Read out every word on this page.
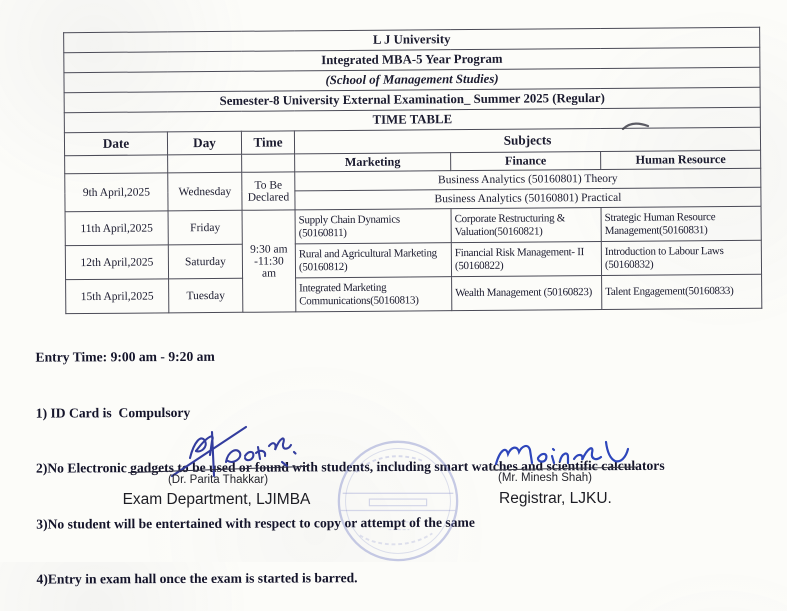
L J University					
Integrated MBA-5 Year Program					
(School of Management Studies)					
Semester-8 University External Examination_ Summer 2025 (Regular)					
TIME TABLE					
Date	Day	Time	Subjects		
			Marketing	Finance	Human Resource
9th April,2025	Wednesday	To Be Declared	Business Analytics (50160801) Theory		
			Business Analytics (50160801) Practical		
11th April,2025	Friday	9:30 am -11:30 am	Supply Chain Dynamics (50160811)	Corporate Restructuring & Valuation(50160821)	Strategic Human Resource Management(50160831)
12th April,2025	Saturday		Rural and Agricultural Marketing (50160812)	Financial Risk Management- II (50160822)	Introduction to Labour Laws (50160832)
15th April,2025	Tuesday		Integrated Marketing Communications(50160813)	Wealth Management (50160823)	Talent Engagement(50160833)

Entry Time: 9:00 am - 9:20 am

1) ID Card is  Compulsory

2)No Electronic gadgets to be used or found with students, including smart watches and scientific calculators

3)No student will be entertained with respect to copy or attempt of the same

4)Entry in exam hall once the exam is started is barred.

(Dr. Parita Thakkar)
Exam Department, LJIMBA
(Mr. Minesh Shah)
Registrar, LJKU.
